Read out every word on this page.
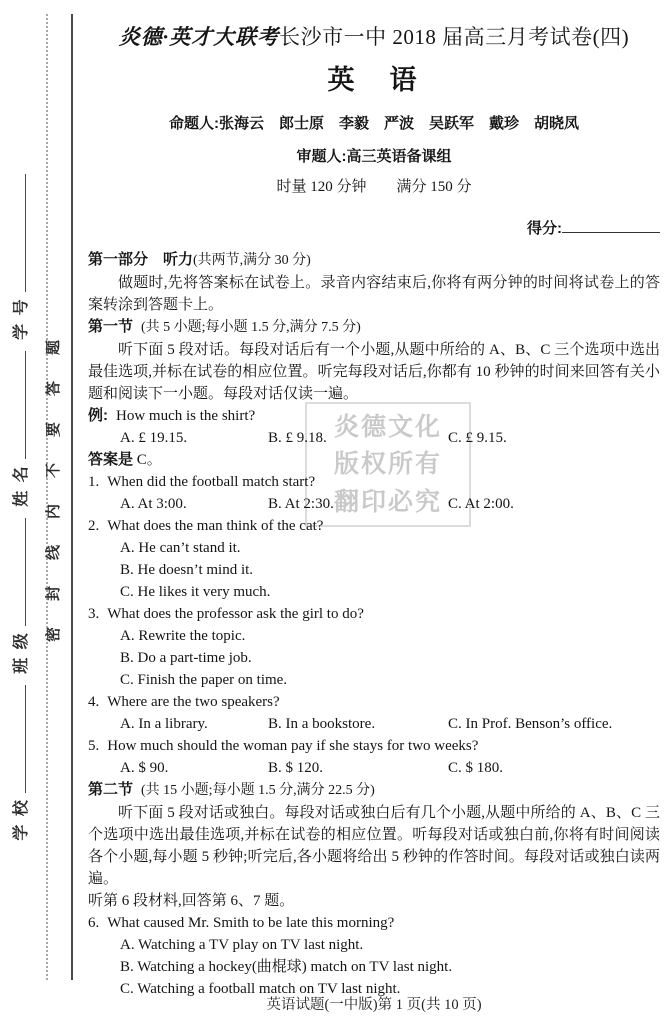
学 校 班 级 姓 名 学 号	密封线内不要答题	炎德文化
版权所有
翻印必究
炎德·英才大联考长沙市一中 2018 届高三月考试卷(四)
英　语
命题人:张海云　郎士原　李毅　严波　吴跃军　戴珍　胡晓凤
审题人:高三英语备课组
时量 120 分钟　　满分 150 分
得分:
第一部分　听力(共两节,满分 30 分)
做题时,先将答案标在试卷上。录音内容结束后,你将有两分钟的时间将试卷上的答案转涂到答题卡上。
第一节 (共 5 小题;每小题 1.5 分,满分 7.5 分)
听下面 5 段对话。每段对话后有一个小题,从题中所给的 A、B、C 三个选项中选出最佳选项,并标在试卷的相应位置。听完每段对话后,你都有 10 秒钟的时间来回答有关小题和阅读下一小题。每段对话仅读一遍。
例: How much is the shirt?
A. £ 19.15.	B. £ 9.18.	C. £ 9.15.
答案是 C。
1. When did the football match start?
A. At 3:00.	B. At 2:30.	C. At 2:00.
2. What does the man think of the cat?
A. He can’t stand it.
B. He doesn’t mind it.
C. He likes it very much.
3. What does the professor ask the girl to do?
A. Rewrite the topic.
B. Do a part-time job.
C. Finish the paper on time.
4. Where are the two speakers?
A. In a library.	B. In a bookstore.	C. In Prof. Benson’s office.
5. How much should the woman pay if she stays for two weeks?
A. $ 90.	B. $ 120.	C. $ 180.
第二节 (共 15 小题;每小题 1.5 分,满分 22.5 分)
听下面 5 段对话或独白。每段对话或独白后有几个小题,从题中所给的 A、B、C 三个选项中选出最佳选项,并标在试卷的相应位置。听每段对话或独白前,你将有时间阅读各个小题,每小题 5 秒钟;听完后,各小题将给出 5 秒钟的作答时间。每段对话或独白读两遍。
听第 6 段材料,回答第 6、7 题。
6. What caused Mr. Smith to be late this morning?
A. Watching a TV play on TV last night.
B. Watching a hockey(曲棍球) match on TV last night.
C. Watching a football match on TV last night.
英语试题(一中版)第 1 页(共 10 页)
